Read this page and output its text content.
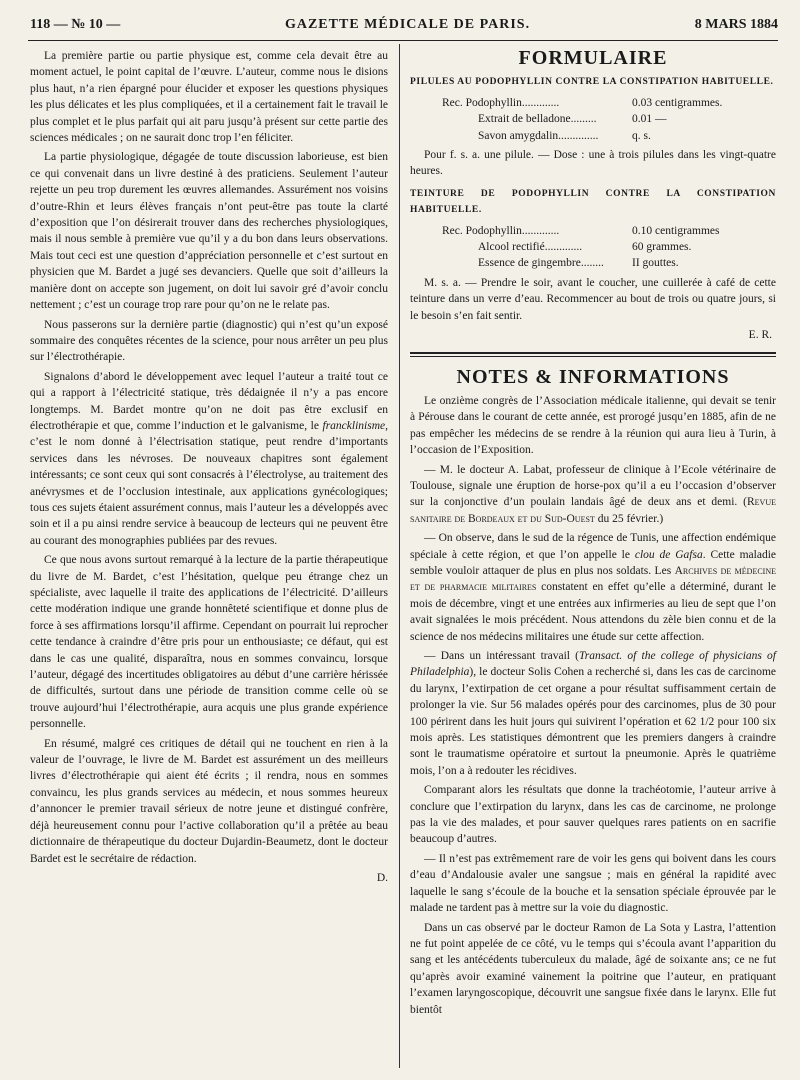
118 — № 10 —	GAZETTE MÉDICALE DE PARIS.	8 MARS 1884

La première partie ou partie physique est, comme cela devait être au moment actuel, le point capital de l’œuvre. L’auteur, comme nous le disions plus haut, n’a rien épargné pour élucider et exposer les questions physiques les plus délicates et les plus compliquées, et il a certainement fait le travail le plus complet et le plus parfait qui ait paru jusqu’à présent sur cette partie des sciences médicales ; on ne saurait donc trop l’en féliciter.

La partie physiologique, dégagée de toute discussion laborieuse, est bien ce qui convenait dans un livre destiné à des praticiens. Seulement l’auteur rejette un peu trop durement les œuvres allemandes. Assurément nos voisins d’outre-Rhin et leurs élèves français n’ont peut-être pas toute la clarté d’exposition que l’on désirerait trouver dans des recherches physiologiques, mais il nous semble à première vue qu’il y a du bon dans leurs observations. Mais tout ceci est une question d’appréciation personnelle et c’est surtout en physicien que M. Bardet a jugé ses devanciers. Quelle que soit d’ailleurs la manière dont on accepte son jugement, on doit lui savoir gré d’avoir conclu nettement ; c’est un courage trop rare pour qu’on ne le relate pas.

Nous passerons sur la dernière partie (diagnostic) qui n’est qu’un exposé sommaire des conquêtes récentes de la science, pour nous arrêter un peu plus sur l’électrothérapie.

Signalons d’abord le développement avec lequel l’auteur a traité tout ce qui a rapport à l’électricité statique, très dédaignée il n’y a pas encore longtemps. M. Bardet montre qu’on ne doit pas être exclusif en électrothérapie et que, comme l’induction et le galvanisme, le francklinisme, c’est le nom donné à l’électrisation statique, peut rendre d’importants services dans les névroses. De nouveaux chapitres sont également intéressants; ce sont ceux qui sont consacrés à l’électrolyse, au traitement des anévrysmes et de l’occlusion intestinale, aux applications gynécologiques; tous ces sujets étaient assurément connus, mais l’auteur les a développés avec soin et il a pu ainsi rendre service à beaucoup de lecteurs qui ne peuvent être au courant des monographies publiées par des revues.

Ce que nous avons surtout remarqué à la lecture de la partie thérapeutique du livre de M. Bardet, c’est l’hésitation, quelque peu étrange chez un spécialiste, avec laquelle il traite des applications de l’électricité. D’ailleurs cette modération indique une grande honnêteté scientifique et donne plus de force à ses affirmations lorsqu’il affirme. Cependant on pourrait lui reprocher cette tendance à craindre d’être pris pour un enthousiaste; ce défaut, qui est dans le cas une qualité, disparaîtra, nous en sommes convaincu, lorsque l’auteur, dégagé des incertitudes obligatoires au début d’une carrière hérissée de difficultés, surtout dans une période de transition comme celle où se trouve aujourd’hui l’électrothérapie, aura acquis une plus grande expérience personnelle.

En résumé, malgré ces critiques de détail qui ne touchent en rien à la valeur de l’ouvrage, le livre de M. Bardet est assurément un des meilleurs livres d’électrothérapie qui aient été écrits ; il rendra, nous en sommes convaincu, les plus grands services au médecin, et nous sommes heureux d’annoncer le premier travail sérieux de notre jeune et distingué confrère, déjà heureusement connu pour l’active collaboration qu’il a prêtée au beau dictionnaire de thérapeutique du docteur Dujardin-Beaumetz, dont le docteur Bardet est le secrétaire de rédaction.

D.
FORMULAIRE
PILULES AU PODOPHYLLIN CONTRE LA CONSTIPATION HABITUELLE.
Rec. Podophyllin.............	0.03 centigrammes.
Extrait de belladone.........	0.01 —
Savon amygdalin..............	q. s.
Pour f. s. a. une pilule. — Dose : une à trois pilules dans les vingt-quatre heures.
TEINTURE DE PODOPHYLLIN CONTRE LA CONSTIPATION HABITUELLE.
Rec. Podophyllin.............	0.10 centigrammes
Alcool rectifié.............	60 grammes.
Essence de gingembre........	II gouttes.
M. s. a. — Prendre le soir, avant le coucher, une cuillerée à café de cette teinture dans un verre d’eau. Recommencer au bout de trois ou quatre jours, si le besoin s’en fait sentir.
E. R.
NOTES & INFORMATIONS

Le onzième congrès de l’Association médicale italienne, qui devait se tenir à Pérouse dans le courant de cette année, est prorogé jusqu’en 1885, afin de ne pas empêcher les médecins de se rendre à la réunion qui aura lieu à Turin, à l’occasion de l’Exposition.

— M. le docteur A. Labat, professeur de clinique à l’Ecole vétérinaire de Toulouse, signale une éruption de horse-pox qu’il a eu l’occasion d’observer sur la conjonctive d’un poulain landais âgé de deux ans et demi. (Revue sanitaire de Bordeaux et du Sud-Ouest du 25 février.)

— On observe, dans le sud de la régence de Tunis, une affection endémique spéciale à cette région, et que l’on appelle le clou de Gafsa. Cette maladie semble vouloir attaquer de plus en plus nos soldats. Les Archives de médecine et de pharmacie militaires constatent en effet qu’elle a déterminé, durant le mois de décembre, vingt et une entrées aux infirmeries au lieu de sept que l’on avait signalées le mois précédent. Nous attendons du zèle bien connu et de la science de nos médecins militaires une étude sur cette affection.

— Dans un intéressant travail (Transact. of the college of physicians of Philadelphia), le docteur Solis Cohen a recherché si, dans les cas de carcinome du larynx, l’extirpation de cet organe a pour résultat suffisamment certain de prolonger la vie. Sur 56 malades opérés pour des carcinomes, plus de 30 pour 100 périrent dans les huit jours qui suivirent l’opération et 62 1/2 pour 100 six mois après. Les statistiques démontrent que les premiers dangers à craindre sont le traumatisme opératoire et surtout la pneumonie. Après le quatrième mois, l’on a à redouter les récidives.

Comparant alors les résultats que donne la trachéotomie, l’auteur arrive à conclure que l’extirpation du larynx, dans les cas de carcinome, ne prolonge pas la vie des malades, et pour sauver quelques rares patients on en sacrifie beaucoup d’autres.

— Il n’est pas extrêmement rare de voir les gens qui boivent dans les cours d’eau d’Andalousie avaler une sangsue ; mais en général la rapidité avec laquelle le sang s’écoule de la bouche et la sensation spéciale éprouvée par le malade ne tardent pas à mettre sur la voie du diagnostic.

Dans un cas observé par le docteur Ramon de La Sota y Lastra, l’attention ne fut point appelée de ce côté, vu le temps qui s’écoula avant l’apparition du sang et les antécédents tuberculeux du malade, âgé de soixante ans; ce ne fut qu’après avoir examiné vainement la poitrine que l’auteur, en pratiquant l’examen laryngoscopique, découvrit une sangsue fixée dans le larynx. Elle fut bientôt
